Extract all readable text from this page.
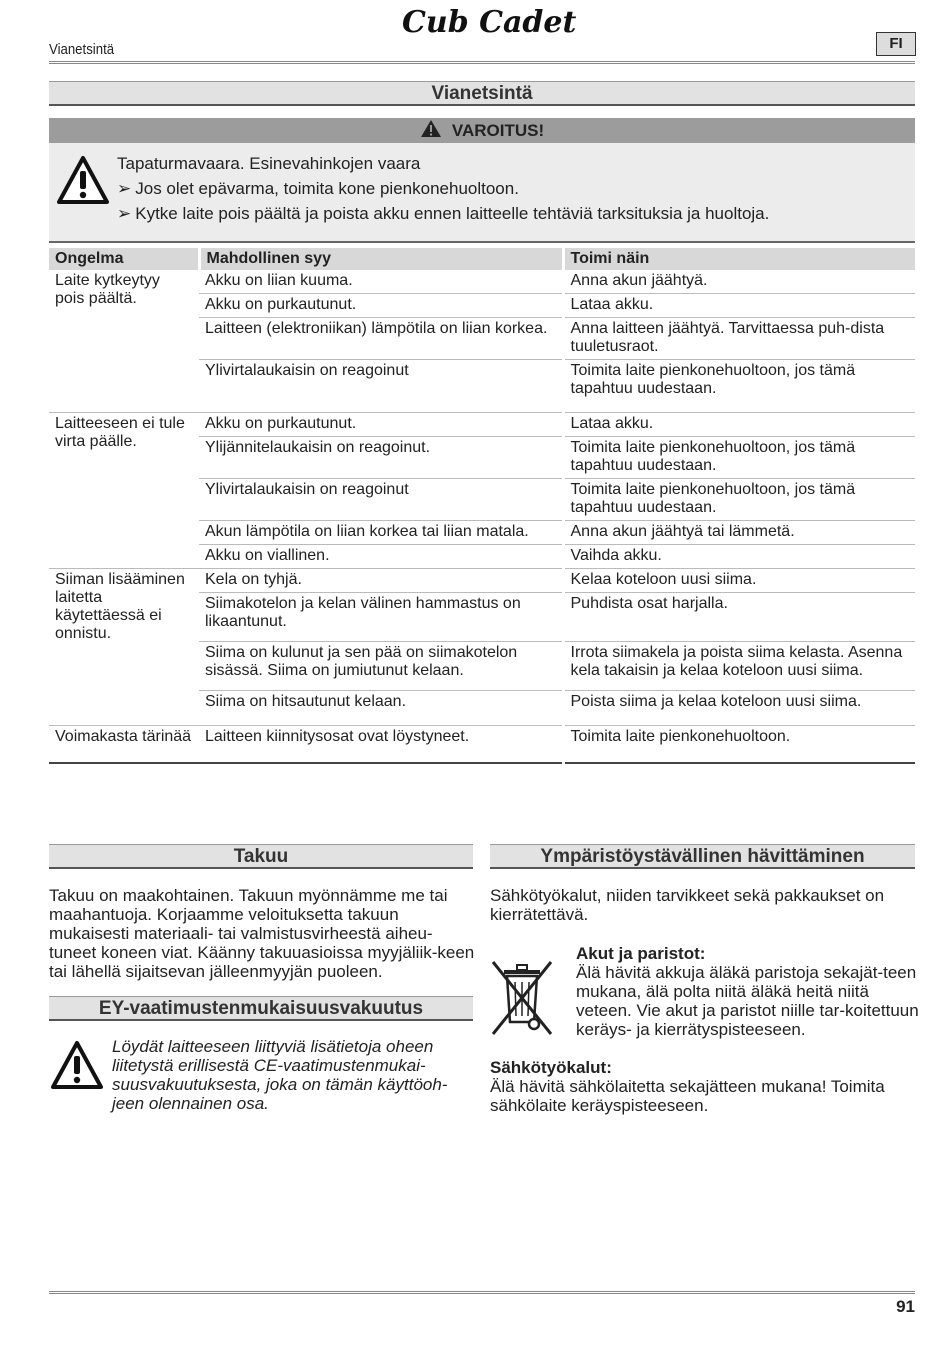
Cub Cadet
Vianetsintä	FI
Vianetsintä
VAROITUS!
Tapaturmavaara. Esinevahinkojen vaara
➢ Jos olet epävarma, toimita kone pienkonehuoltoon.
➢ Kytke laite pois päältä ja poista akku ennen laitteelle tehtäviä tarksituksia ja huoltoja.
Ongelma	Mahdollinen syy	Toimi näin
Laite kytkeytyy pois päältä.	Akku on liian kuuma.	Anna akun jäähtyä.
	Akku on purkautunut.	Lataa akku.
	Laitteen (elektroniikan) lämpötila on liian korkea.	Anna laitteen jäähtyä. Tarvittaessa puh-dista tuuletusraot.
	Ylivirtalaukaisin on reagoinut	Toimita laite pienkonehuoltoon, jos tämä tapahtuu uudestaan.
Laitteeseen ei tule virta päälle.	Akku on purkautunut.	Lataa akku.
	Ylijännitelaukaisin on reagoinut.	Toimita laite pienkonehuoltoon, jos tämä tapahtuu uudestaan.
	Ylivirtalaukaisin on reagoinut	Toimita laite pienkonehuoltoon, jos tämä tapahtuu uudestaan.
	Akun lämpötila on liian korkea tai liian matala.	Anna akun jäähtyä tai lämmetä.
	Akku on viallinen.	Vaihda akku.
Siiman lisääminen laitetta käytettäessä ei onnistu.	Kela on tyhjä.	Kelaa koteloon uusi siima.
	Siimakotelon ja kelan välinen hammastus on likaantunut.	Puhdista osat harjalla.
	Siima on kulunut ja sen pää on siimakotelon sisässä. Siima on jumiutunut kelaan.	Irrota siimakela ja poista siima kelasta. Asenna kela takaisin ja kelaa koteloon uusi siima.
	Siima on hitsautunut kelaan.	Poista siima ja kelaa koteloon uusi siima.
Voimakasta tärinää	Laitteen kiinnitysosat ovat löystyneet.	Toimita laite pienkonehuoltoon.
Takuu
Takuu on maakohtainen. Takuun myönnämme me tai maahantuoja. Korjaamme veloituksetta takuun mukaisesti materiaali- tai valmistusvirheestä aiheu-tuneet koneen viat. Käänny takuuasioissa myyjäliik-keen tai lähellä sijaitsevan jälleenmyyjän puoleen.
EY-vaatimustenmukaisuusvakuutus
Löydät laitteeseen liittyviä lisätietoja oheen liitetystä erillisestä CE-vaatimustenmukai-suusvakuutuksesta, joka on tämän käyttöoh-jeen olennainen osa.
Ympäristöystävällinen hävittäminen
Sähkötyökalut, niiden tarvikkeet sekä pakkaukset on kierrätettävä.
Akut ja paristot:
Älä hävitä akkuja äläkä paristoja sekajät-teen mukana, älä polta niitä äläkä heitä niitä veteen. Vie akut ja paristot niille tar-koitettuun keräys- ja kierrätyspisteeseen.
Sähkötyökalut:
Älä hävitä sähkölaitetta sekajätteen mukana! Toimita sähkölaite keräyspisteeseen.
91
